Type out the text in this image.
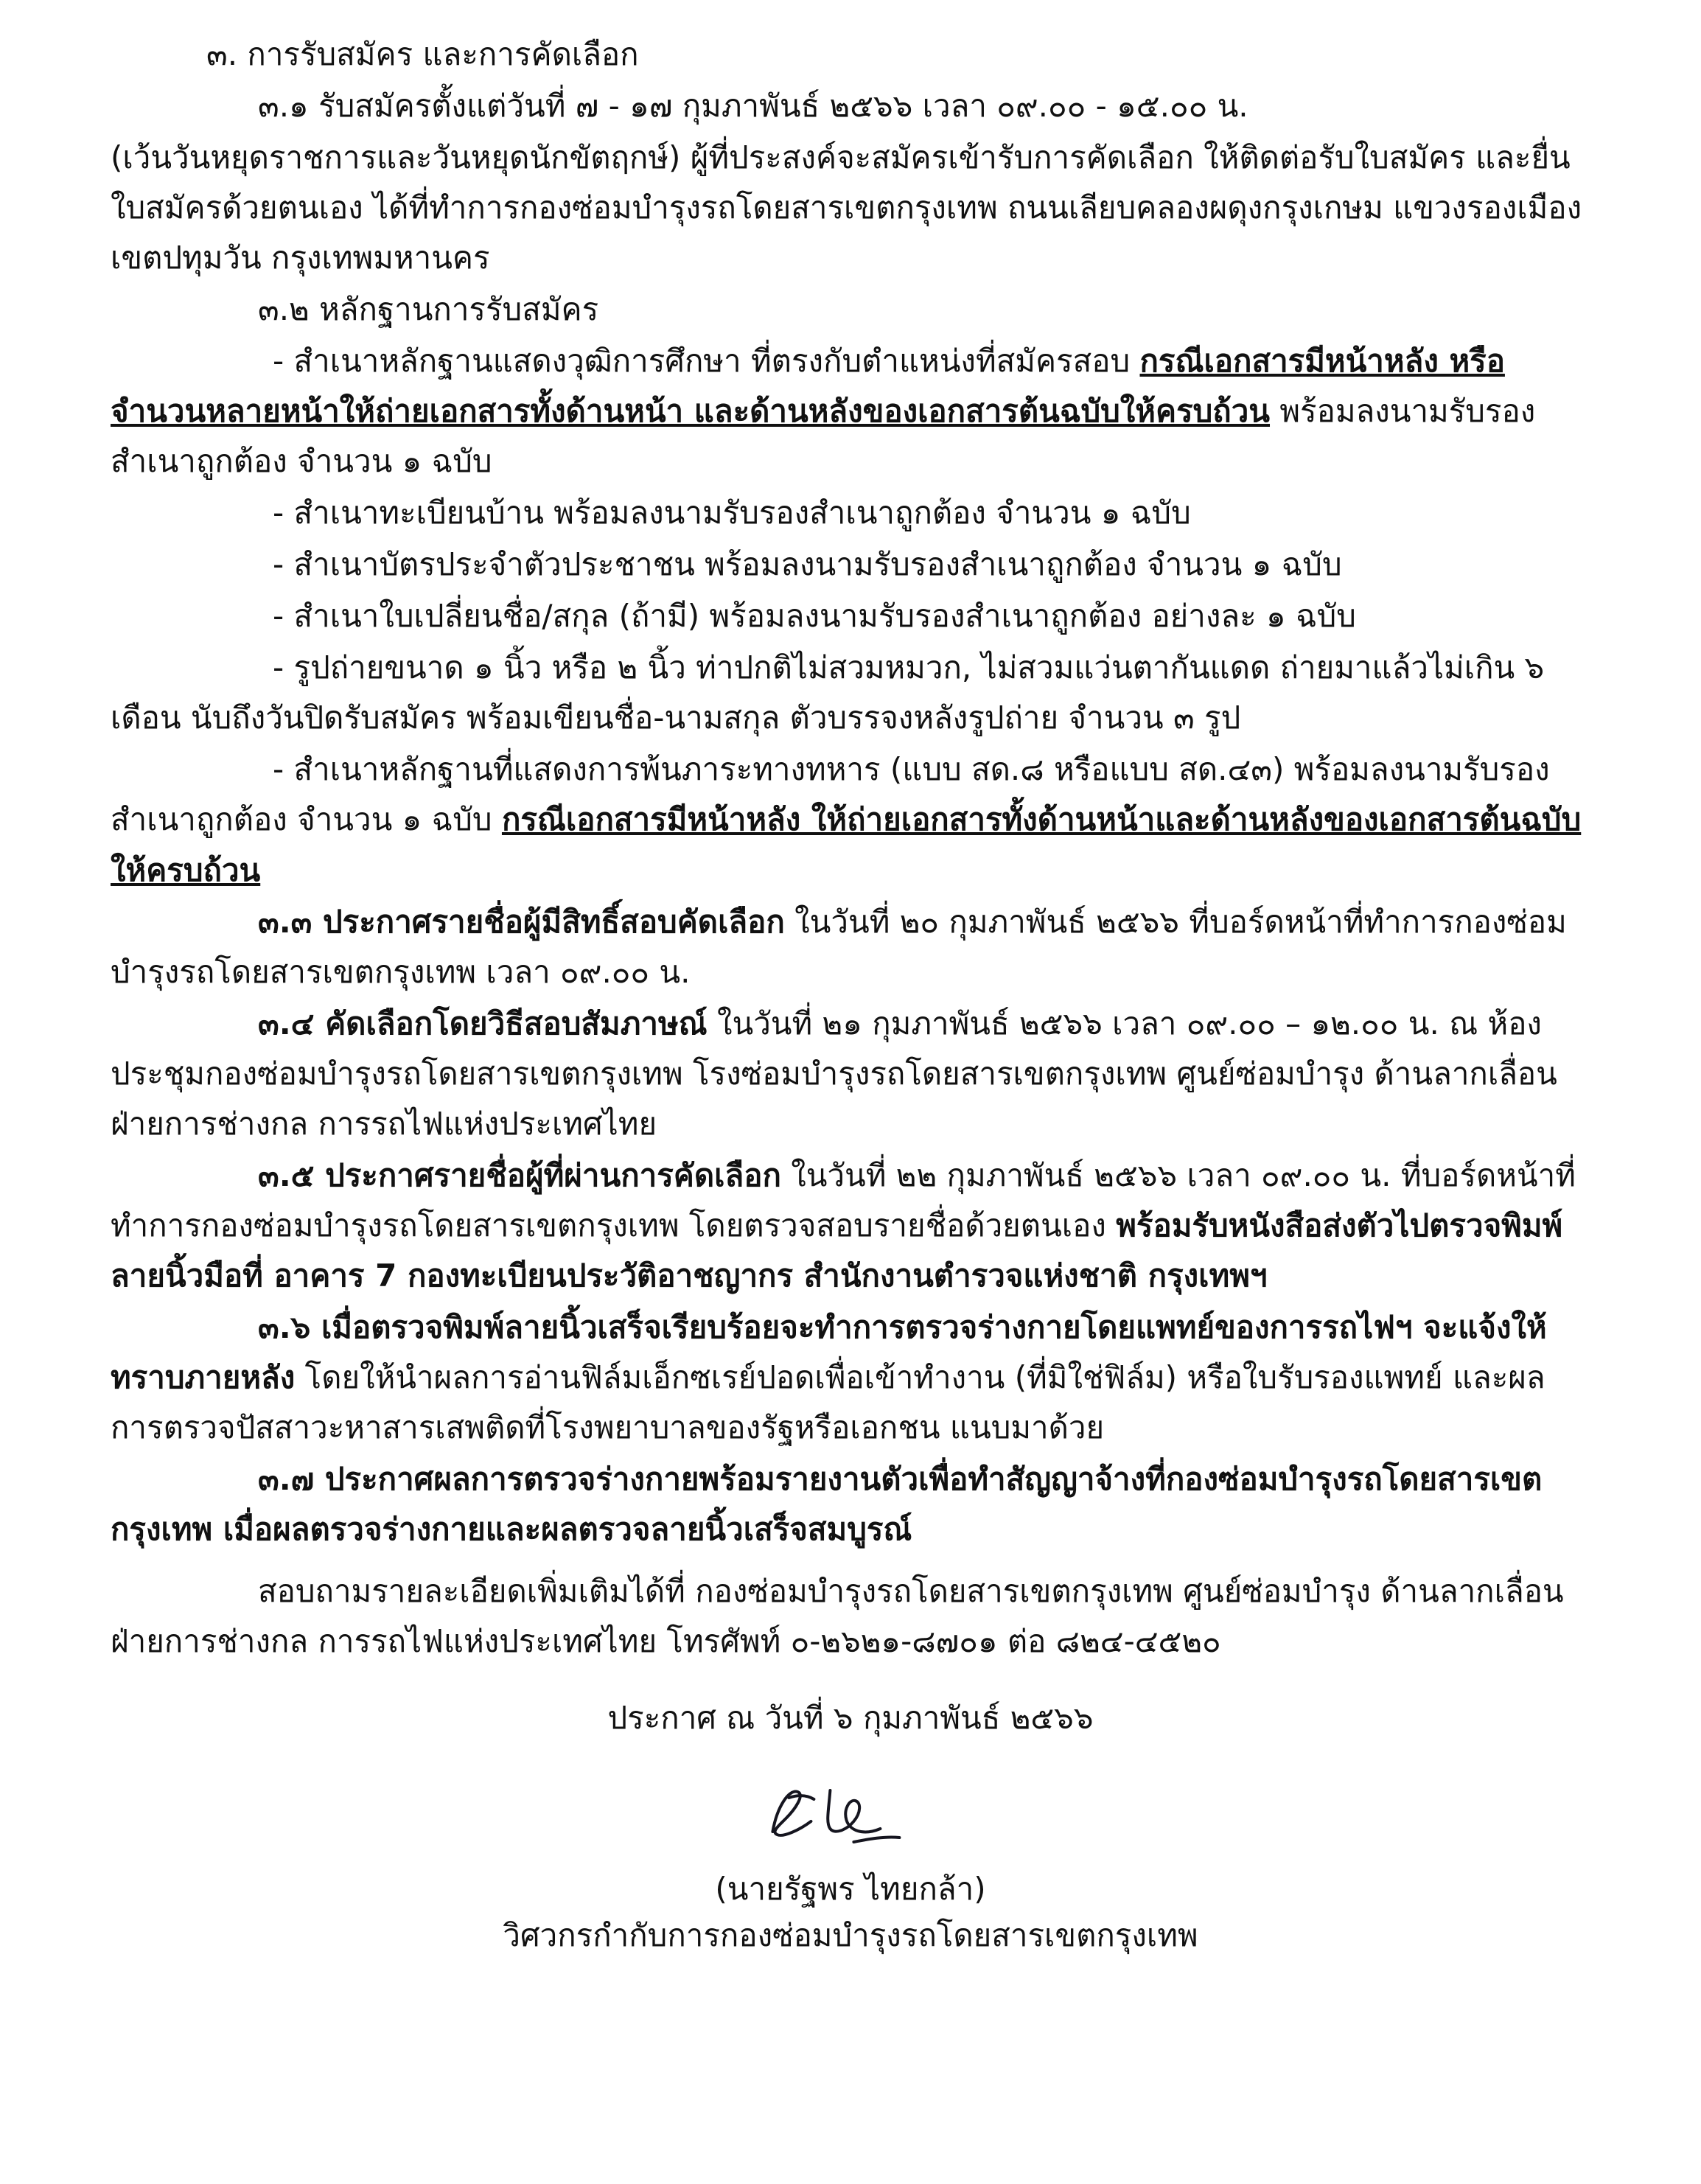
๓. การรับสมัคร และการคัดเลือก
๓.๑ รับสมัครตั้งแต่วันที่ ๗ - ๑๗ กุมภาพันธ์ ๒๕๖๖ เวลา ๐๙.๐๐ - ๑๕.๐๐ น.
(เว้นวันหยุดราชการและวันหยุดนักขัตฤกษ์) ผู้ที่ประสงค์จะสมัครเข้ารับการคัดเลือก ให้ติดต่อรับใบสมัคร และยื่นใบสมัครด้วยตนเอง ได้ที่ทำการกองซ่อมบำรุงรถโดยสารเขตกรุงเทพ ถนนเลียบคลองผดุงกรุงเกษม แขวงรองเมือง เขตปทุมวัน กรุงเทพมหานคร
๓.๒ หลักฐานการรับสมัคร
- สำเนาหลักฐานแสดงวุฒิการศึกษา ที่ตรงกับตำแหน่งที่สมัครสอบ กรณีเอกสารมีหน้าหลัง หรือจำนวนหลายหน้าให้ถ่ายเอกสารทั้งด้านหน้า และด้านหลังของเอกสารต้นฉบับให้ครบถ้วน พร้อมลงนามรับรองสำเนาถูกต้อง จำนวน ๑ ฉบับ
- สำเนาทะเบียนบ้าน พร้อมลงนามรับรองสำเนาถูกต้อง จำนวน ๑ ฉบับ
- สำเนาบัตรประจำตัวประชาชน พร้อมลงนามรับรองสำเนาถูกต้อง จำนวน ๑ ฉบับ
- สำเนาใบเปลี่ยนชื่อ/สกุล (ถ้ามี) พร้อมลงนามรับรองสำเนาถูกต้อง อย่างละ ๑ ฉบับ
- รูปถ่ายขนาด ๑ นิ้ว หรือ ๒ นิ้ว ท่าปกติไม่สวมหมวก, ไม่สวมแว่นตากันแดด ถ่ายมาแล้วไม่เกิน ๖ เดือน นับถึงวันปิดรับสมัคร พร้อมเขียนชื่อ-นามสกุล ตัวบรรจงหลังรูปถ่าย จำนวน ๓ รูป
- สำเนาหลักฐานที่แสดงการพ้นภาระทางทหาร (แบบ สด.๘ หรือแบบ สด.๔๓) พร้อมลงนามรับรองสำเนาถูกต้อง จำนวน ๑ ฉบับ กรณีเอกสารมีหน้าหลัง ให้ถ่ายเอกสารทั้งด้านหน้าและด้านหลังของเอกสารต้นฉบับให้ครบถ้วน
๓.๓ ประกาศรายชื่อผู้มีสิทธิ์สอบคัดเลือก ในวันที่ ๒๐ กุมภาพันธ์ ๒๕๖๖ ที่บอร์ดหน้าที่ทำการกองซ่อมบำรุงรถโดยสารเขตกรุงเทพ เวลา ๐๙.๐๐ น.
๓.๔ คัดเลือกโดยวิธีสอบสัมภาษณ์ ในวันที่ ๒๑ กุมภาพันธ์ ๒๕๖๖ เวลา ๐๙.๐๐ – ๑๒.๐๐ น. ณ ห้องประชุมกองซ่อมบำรุงรถโดยสารเขตกรุงเทพ โรงซ่อมบำรุงรถโดยสารเขตกรุงเทพ ศูนย์ซ่อมบำรุง ด้านลากเลื่อน ฝ่ายการช่างกล การรถไฟแห่งประเทศไทย
๓.๕ ประกาศรายชื่อผู้ที่ผ่านการคัดเลือก ในวันที่ ๒๒ กุมภาพันธ์ ๒๕๖๖ เวลา ๐๙.๐๐ น. ที่บอร์ดหน้าที่ทำการกองซ่อมบำรุงรถโดยสารเขตกรุงเทพ โดยตรวจสอบรายชื่อด้วยตนเอง พร้อมรับหนังสือส่งตัวไปตรวจพิมพ์ลายนิ้วมือที่ อาคาร 7 กองทะเบียนประวัติอาชญากร สำนักงานตำรวจแห่งชาติ กรุงเทพฯ
๓.๖ เมื่อตรวจพิมพ์ลายนิ้วเสร็จเรียบร้อยจะทำการตรวจร่างกายโดยแพทย์ของการรถไฟฯ จะแจ้งให้ทราบภายหลัง โดยให้นำผลการอ่านฟิล์มเอ็กซเรย์ปอดเพื่อเข้าทำงาน (ที่มิใช่ฟิล์ม) หรือใบรับรองแพทย์ และผลการตรวจปัสสาวะหาสารเสพติดที่โรงพยาบาลของรัฐหรือเอกชน แนบมาด้วย
๓.๗ ประกาศผลการตรวจร่างกายพร้อมรายงานตัวเพื่อทำสัญญาจ้างที่กองซ่อมบำรุงรถโดยสารเขตกรุงเทพ เมื่อผลตรวจร่างกายและผลตรวจลายนิ้วเสร็จสมบูรณ์
สอบถามรายละเอียดเพิ่มเติมได้ที่ กองซ่อมบำรุงรถโดยสารเขตกรุงเทพ ศูนย์ซ่อมบำรุง ด้านลากเลื่อน ฝ่ายการช่างกล การรถไฟแห่งประเทศไทย โทรศัพท์ ๐-๒๖๒๑-๘๗๐๑ ต่อ ๘๒๔-๔๕๒๐
ประกาศ ณ วันที่ ๖ กุมภาพันธ์ ๒๕๖๖
(นายรัฐพร ไทยกล้า)
วิศวกรกำกับการกองซ่อมบำรุงรถโดยสารเขตกรุงเทพ
